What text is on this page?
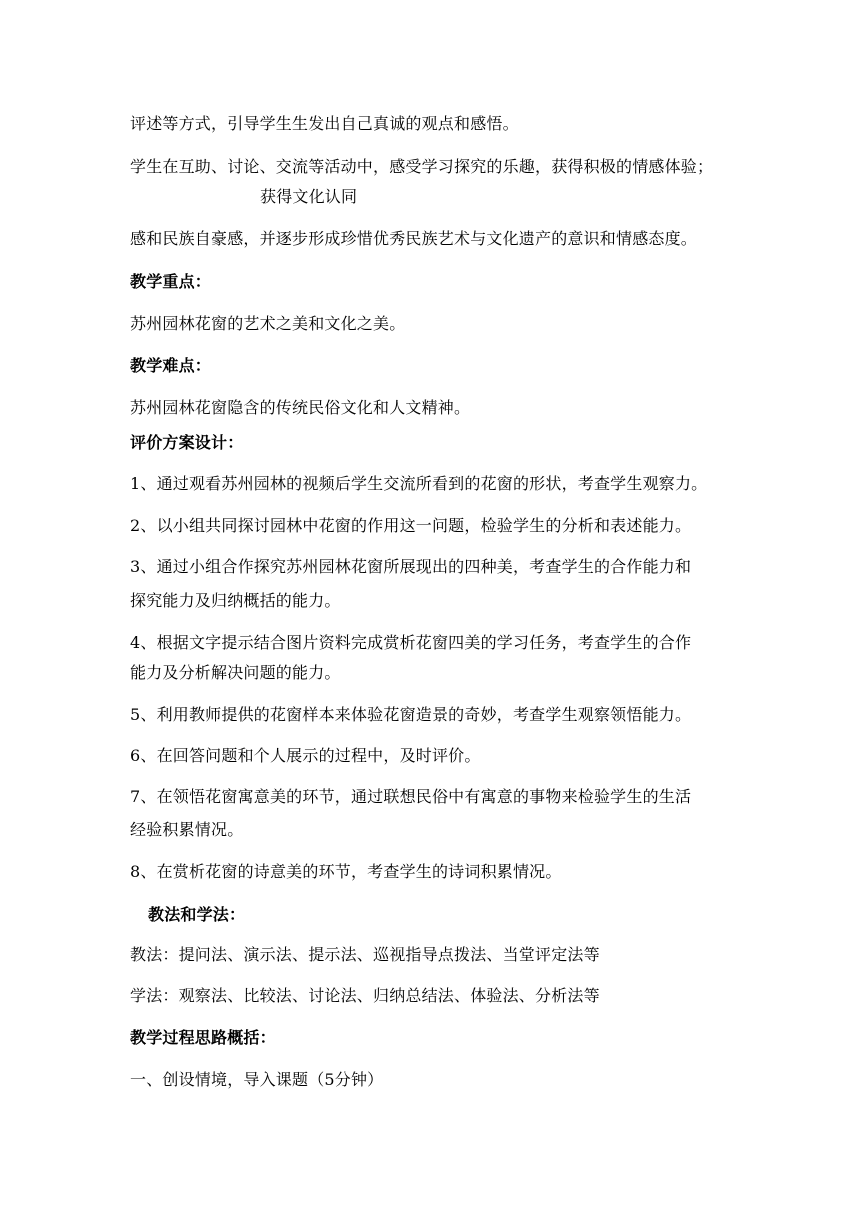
评述等方式，引导学生生发出自己真诚的观点和感悟。
学生在互助、讨论、交流等活动中，感受学习探究的乐趣，获得积极的情感体验；
获得文化认同
感和民族自豪感，并逐步形成珍惜优秀民族艺术与文化遗产的意识和情感态度。
教学重点：
苏州园林花窗的艺术之美和文化之美。
教学难点：
苏州园林花窗隐含的传统民俗文化和人文精神。
评价方案设计：
1、通过观看苏州园林的视频后学生交流所看到的花窗的形状，考查学生观察力。
2、以小组共同探讨园林中花窗的作用这一问题，检验学生的分析和表述能力。
3、通过小组合作探究苏州园林花窗所展现出的四种美，考查学生的合作能力和
探究能力及归纳概括的能力。
4、根据文字提示结合图片资料完成赏析花窗四美的学习任务，考查学生的合作
能力及分析解决问题的能力。
5、利用教师提供的花窗样本来体验花窗造景的奇妙，考查学生观察领悟能力。
6、在回答问题和个人展示的过程中，及时评价。
7、在领悟花窗寓意美的环节，通过联想民俗中有寓意的事物来检验学生的生活
经验积累情况。
8、在赏析花窗的诗意美的环节，考查学生的诗词积累情况。
教法和学法：
教法：提问法、演示法、提示法、巡视指导点拨法、当堂评定法等
学法：观察法、比较法、讨论法、归纳总结法、体验法、分析法等
教学过程思路概括：
一、创设情境，导入课题（5分钟）
